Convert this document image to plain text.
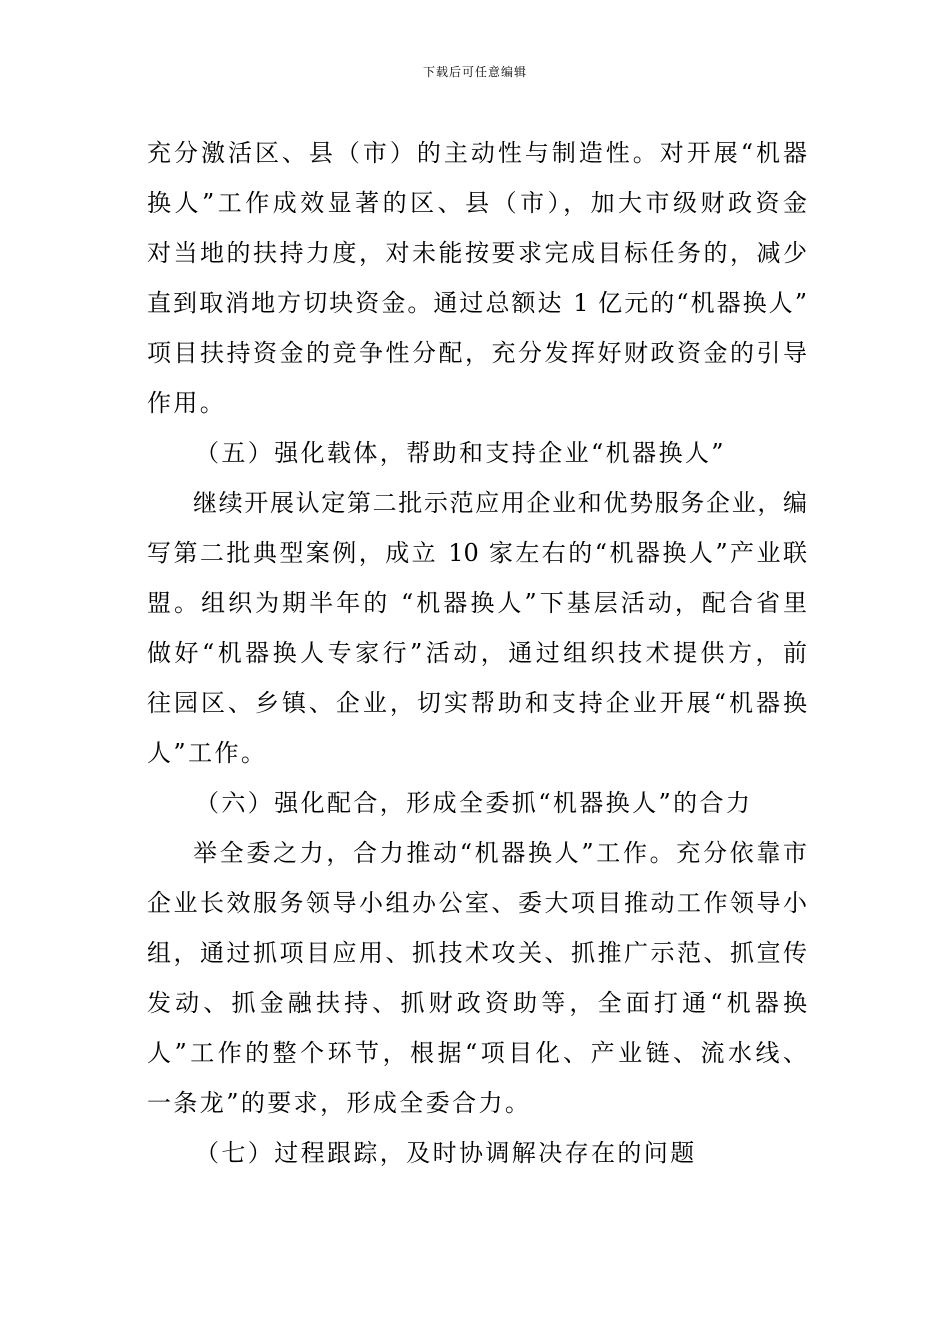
下载后可任意编辑
充分激活区、县（市）的主动性与制造性。对开展“机器
换人”工作成效显著的区、县（市），加大市级财政资金
对当地的扶持力度，对未能按要求完成目标任务的，减少
直到取消地方切块资金。通过总额达 1 亿元的“机器换人”
项目扶持资金的竞争性分配，充分发挥好财政资金的引导
作用。
（五）强化载体，帮助和支持企业“机器换人”
继续开展认定第二批示范应用企业和优势服务企业，编
写第二批典型案例，成立 10 家左右的“机器换人”产业联
盟。组织为期半年的 “机器换人”下基层活动，配合省里
做好“机器换人专家行”活动，通过组织技术提供方，前
往园区、乡镇、企业，切实帮助和支持企业开展“机器换
人”工作。
（六）强化配合，形成全委抓“机器换人”的合力
举全委之力，合力推动“机器换人”工作。充分依靠市
企业长效服务领导小组办公室、委大项目推动工作领导小
组，通过抓项目应用、抓技术攻关、抓推广示范、抓宣传
发动、抓金融扶持、抓财政资助等，全面打通“机器换
人”工作的整个环节，根据“项目化、产业链、流水线、
一条龙”的要求，形成全委合力。
（七）过程跟踪，及时协调解决存在的问题
